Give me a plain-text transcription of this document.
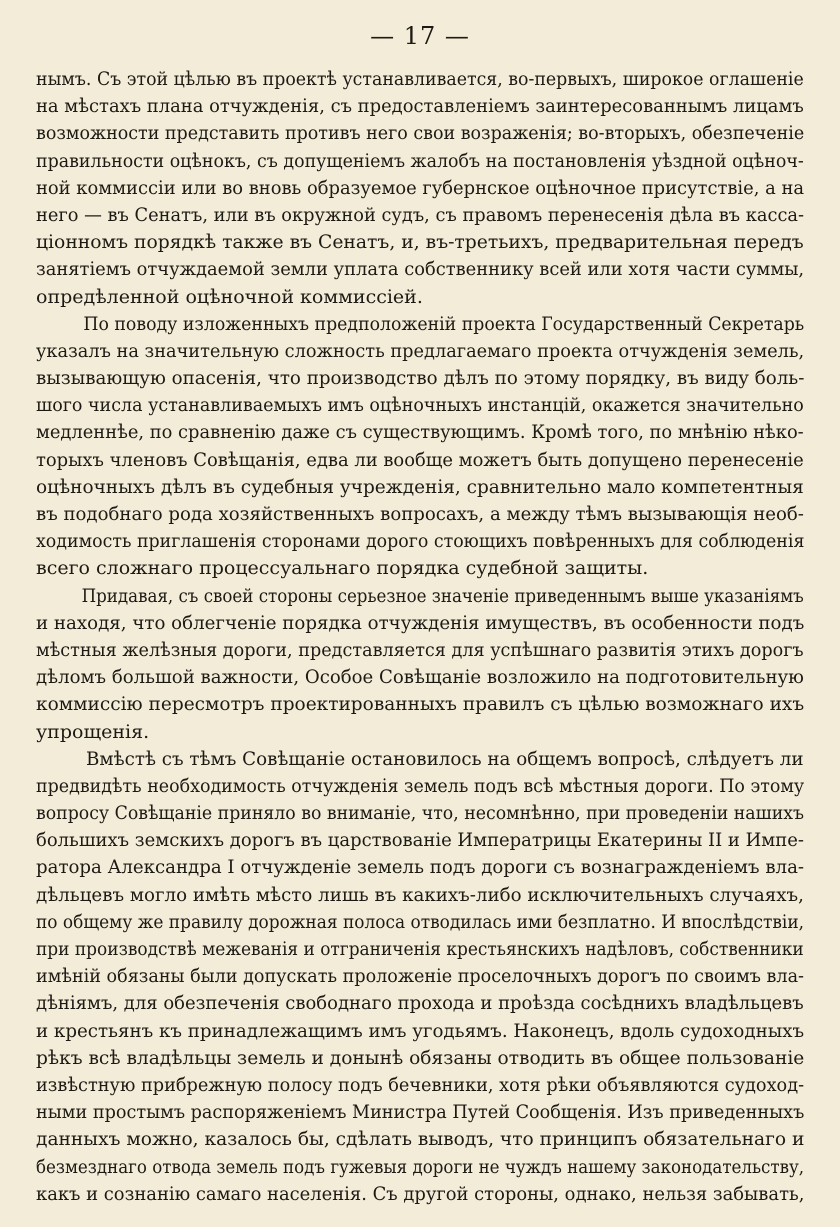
— 17 —
нымъ. Съ этой цѣлью въ проектѣ устанавливается, во-первыхъ, широкое оглашеніе
на мѣстахъ плана отчужденія, съ предоставленіемъ заинтересованнымъ лицамъ
возможности представить противъ него свои возраженія; во-вторыхъ, обезпеченіе
правильности оцѣнокъ, съ допущеніемъ жалобъ на постановленія уѣздной оцѣноч-
ной коммиссіи или во вновь образуемое губернское оцѣночное присутствіе, а на
него — въ Сенатъ, или въ окружной судъ, съ правомъ перенесенія дѣла въ касса-
ціонномъ порядкѣ также въ Сенатъ, и, въ-третьихъ, предварительная передъ
занятіемъ отчуждаемой земли уплата собственнику всей или хотя части суммы,
опредѣленной оцѣночной коммиссіей.
По поводу изложенныхъ предположеній проекта Государственный Секретарь
указалъ на значительную сложность предлагаемаго проекта отчужденія земель,
вызывающую опасенія, что производство дѣлъ по этому порядку, въ виду боль-
шого числа устанавливаемыхъ имъ оцѣночныхъ инстанцій, окажется значительно
медленнѣе, по сравненію даже съ существующимъ. Кромѣ того, по мнѣнію нѣко-
торыхъ членовъ Совѣщанія, едва ли вообще можетъ быть допущено перенесеніе
оцѣночныхъ дѣлъ въ судебныя учрежденія, сравнительно мало компетентныя
въ подобнаго рода хозяйственныхъ вопросахъ, а между тѣмъ вызывающія необ-
ходимость приглашенія сторонами дорого стоющихъ повѣренныхъ для соблюденія
всего сложнаго процессуальнаго порядка судебной защиты.
Придавая, съ своей стороны серьезное значеніе приведеннымъ выше указаніямъ
и находя, что облегченіе порядка отчужденія имуществъ, въ особенности подъ
мѣстныя желѣзныя дороги, представляется для успѣшнаго развитія этихъ дорогъ
дѣломъ большой важности, Особое Совѣщаніе возложило на подготовительную
коммиссію пересмотръ проектированныхъ правилъ съ цѣлью возможнаго ихъ
упрощенія.
Вмѣстѣ съ тѣмъ Совѣщаніе остановилось на общемъ вопросѣ, слѣдуетъ ли
предвидѣть необходимость отчужденія земель подъ всѣ мѣстныя дороги. По этому
вопросу Совѣщаніе приняло во вниманіе, что, несомнѣнно, при проведеніи нашихъ
большихъ земскихъ дорогъ въ царствованіе Императрицы Екатерины II и Импе-
ратора Александра I отчужденіе земель подъ дороги съ вознагражденіемъ вла-
дѣльцевъ могло имѣть мѣсто лишь въ какихъ-либо исключительныхъ случаяхъ,
по общему же правилу дорожная полоса отводилась ими безплатно. И впослѣдствіи,
при производствѣ межеванія и отграниченія крестьянскихъ надѣловъ, собственники
имѣній обязаны были допускать проложеніе проселочныхъ дорогъ по своимъ вла-
дѣніямъ, для обезпеченія свободнаго прохода и проѣзда сосѣднихъ владѣльцевъ
и крестьянъ къ принадлежащимъ имъ угодьямъ. Наконецъ, вдоль судоходныхъ
рѣкъ всѣ владѣльцы земель и донынѣ обязаны отводить въ общее пользованіе
извѣстную прибрежную полосу подъ бечевники, хотя рѣки объявляются судоход-
ными простымъ распоряженіемъ Министра Путей Сообщенія. Изъ приведенныхъ
данныхъ можно, казалось бы, сдѣлать выводъ, что принципъ обязательнаго и
безмезднаго отвода земель подъ гужевыя дороги не чуждъ нашему законодательству,
какъ и сознанію самаго населенія. Съ другой стороны, однако, нельзя забывать,
